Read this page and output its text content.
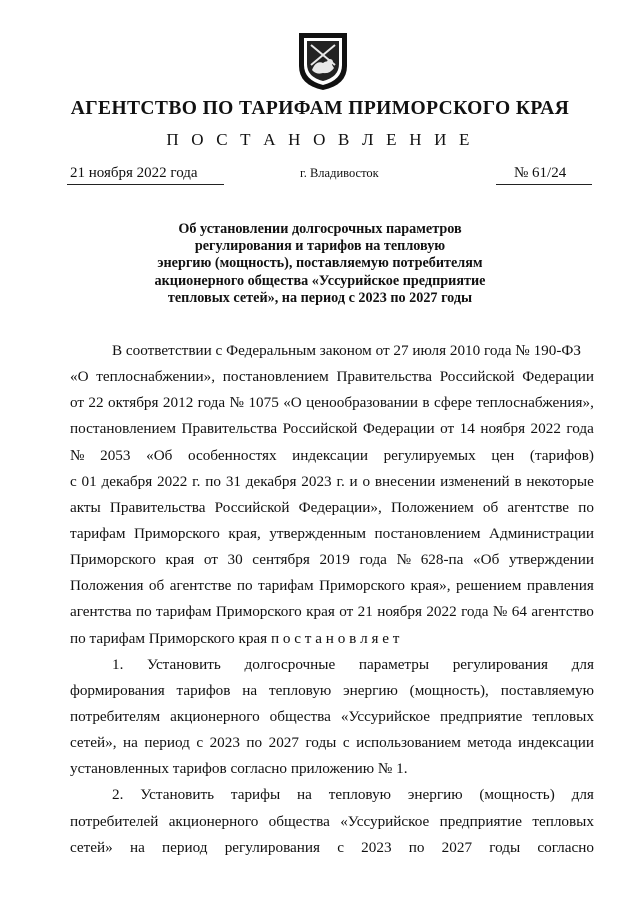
АГЕНТСТВО ПО ТАРИФАМ ПРИМОРСКОГО КРАЯ
П О С Т А Н О В Л Е Н И Е
21 ноября 2022 года	г. Владивосток	№ 61/24
Об установлении долгосрочных параметров
регулирования и тарифов на тепловую
энергию (мощность), поставляемую потребителям
акционерного общества «Уссурийское предприятие
тепловых сетей», на период с 2023 по 2027 годы
В соответствии с Федеральным законом от 27 июля 2010 года № 190-ФЗ
«О теплоснабжении», постановлением Правительства Российской Федерации
от 22 октября 2012 года № 1075 «О ценообразовании в сфере теплоснабжения»,
постановлением Правительства Российской Федерации от 14 ноября 2022 года
№ 2053 «Об особенностях индексации регулируемых цен (тарифов)
с 01 декабря 2022 г. по 31 декабря 2023 г. и о внесении изменений в некоторые
акты Правительства Российской Федерации», Положением об агентстве по
тарифам Приморского края, утвержденным постановлением Администрации
Приморского края от 30 сентября 2019 года № 628-па «Об утверждении
Положения об агентстве по тарифам Приморского края», решением правления
агентства по тарифам Приморского края от 21 ноября 2022 года № 64 агентство
по тарифам Приморского края п о с т а н о в л я е т
1. Установить долгосрочные параметры регулирования для
формирования тарифов на тепловую энергию (мощность), поставляемую
потребителям акционерного общества «Уссурийское предприятие тепловых
сетей», на период с 2023 по 2027 годы с использованием метода индексации
установленных тарифов согласно приложению № 1.
2. Установить тарифы на тепловую энергию (мощность) для
потребителей акционерного общества «Уссурийское предприятие тепловых
сетей» на период регулирования с 2023 по 2027 годы согласно
